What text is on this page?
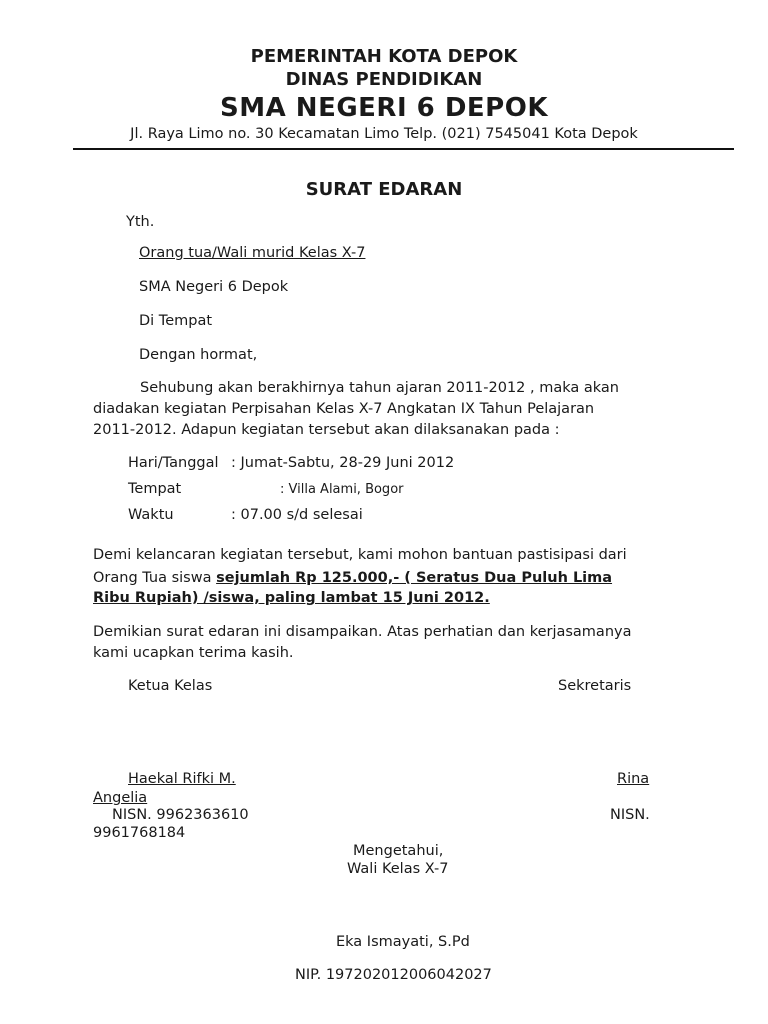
PEMERINTAH KOTA DEPOK
DINAS PENDIDIKAN
SMA NEGERI 6 DEPOK
Jl. Raya Limo no. 30 Kecamatan Limo Telp. (021) 7545041 Kota Depok
SURAT EDARAN
Yth.
Orang tua/Wali murid Kelas X-7
SMA Negeri 6 Depok
Di Tempat
Dengan hormat,
Sehubung akan berakhirnya tahun ajaran 2011-2012 , maka akan
diadakan kegiatan Perpisahan Kelas X-7 Angkatan IX Tahun Pelajaran
2011-2012. Adapun kegiatan tersebut akan dilaksanakan pada :
Hari/Tanggal : Jumat-Sabtu, 28-29 Juni 2012
Tempat	: Villa Alami, Bogor
Waktu	: 07.00 s/d selesai
Demi kelancaran kegiatan tersebut, kami mohon bantuan pastisipasi dari
Orang Tua siswa sejumlah Rp 125.000,- ( Seratus Dua Puluh Lima
Ribu Rupiah) /siswa, paling lambat 15 Juni 2012.
Demikian surat edaran ini disampaikan. Atas perhatian dan kerjasamanya
kami ucapkan terima kasih.
Ketua Kelas	Sekretaris
Haekal Rifki M.	Rina
Angelia
NISN. 9962363610	NISN.
9961768184
Mengetahui,
Wali Kelas X-7
Eka Ismayati, S.Pd
NIP. 197202012006042027
